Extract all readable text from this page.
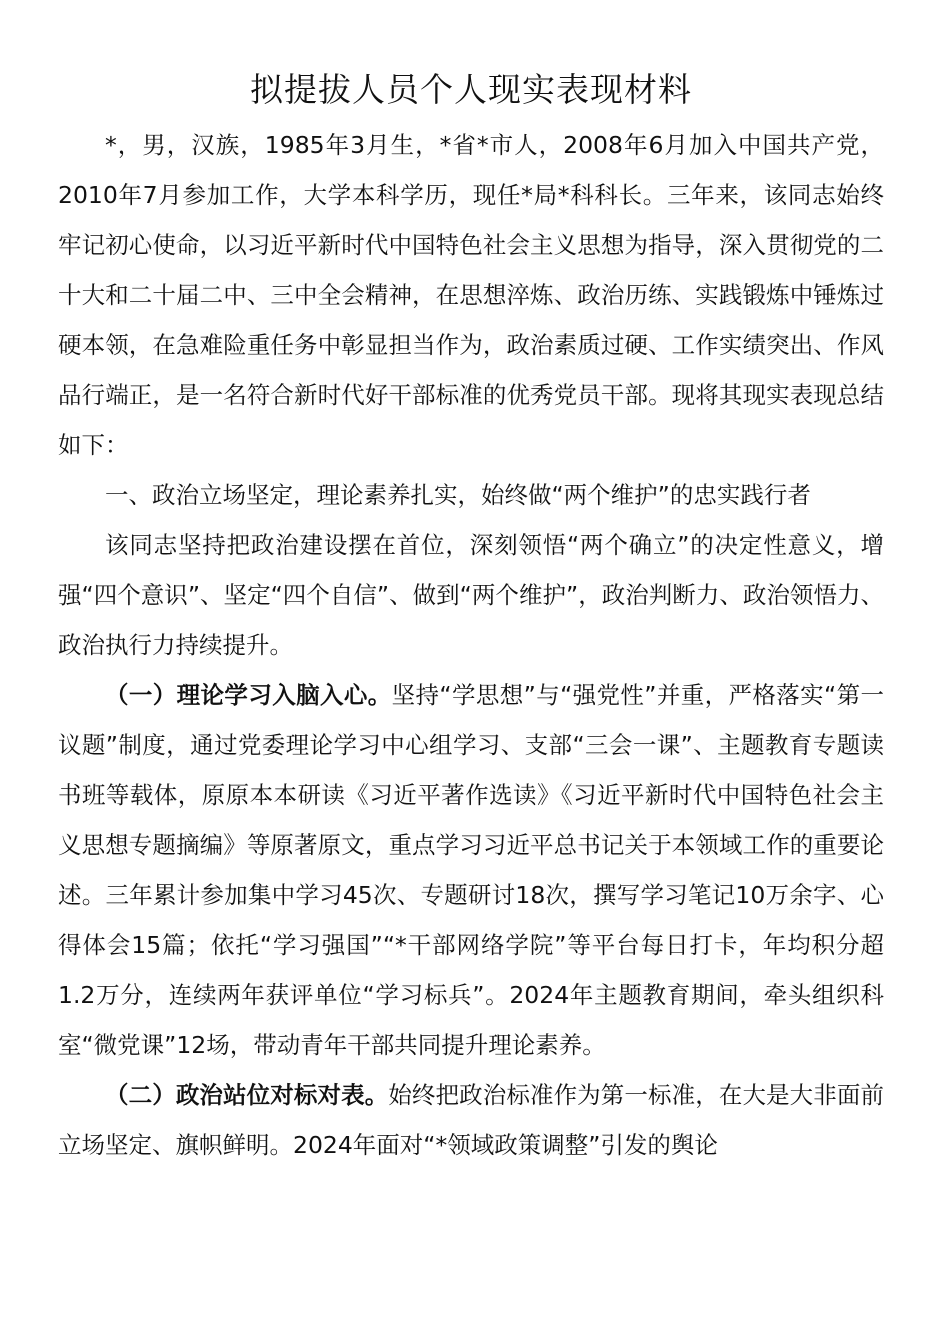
拟提拔人员个人现实表现材料

*，男，汉族，1985年3月生，*省*市人，2008年6月加入中国共产党，2010年7月参加工作，大学本科学历，现任*局*科科长。三年来，该同志始终牢记初心使命，以习近平新时代中国特色社会主义思想为指导，深入贯彻党的二十大和二十届二中、三中全会精神，在思想淬炼、政治历练、实践锻炼中锤炼过硬本领，在急难险重任务中彰显担当作为，政治素质过硬、工作实绩突出、作风品行端正，是一名符合新时代好干部标准的优秀党员干部。现将其现实表现总结如下：

一、政治立场坚定，理论素养扎实，始终做“两个维护”的忠实践行者

该同志坚持把政治建设摆在首位，深刻领悟“两个确立”的决定性意义，增强“四个意识”、坚定“四个自信”、做到“两个维护”，政治判断力、政治领悟力、政治执行力持续提升。

（一）理论学习入脑入心。坚持“学思想”与“强党性”并重，严格落实“第一议题”制度，通过党委理论学习中心组学习、支部“三会一课”、主题教育专题读书班等载体，原原本本研读《习近平著作选读》《习近平新时代中国特色社会主义思想专题摘编》等原著原文，重点学习习近平总书记关于本领域工作的重要论述。三年累计参加集中学习45次、专题研讨18次，撰写学习笔记10万余字、心得体会15篇；依托“学习强国”“*干部网络学院”等平台每日打卡，年均积分超1.2万分，连续两年获评单位“学习标兵”。2024年主题教育期间，牵头组织科室“微党课”12场，带动青年干部共同提升理论素养。

（二）政治站位对标对表。始终把政治标准作为第一标准，在大是大非面前立场坚定、旗帜鲜明。2024年面对“*领域政策调整”引发的舆论
